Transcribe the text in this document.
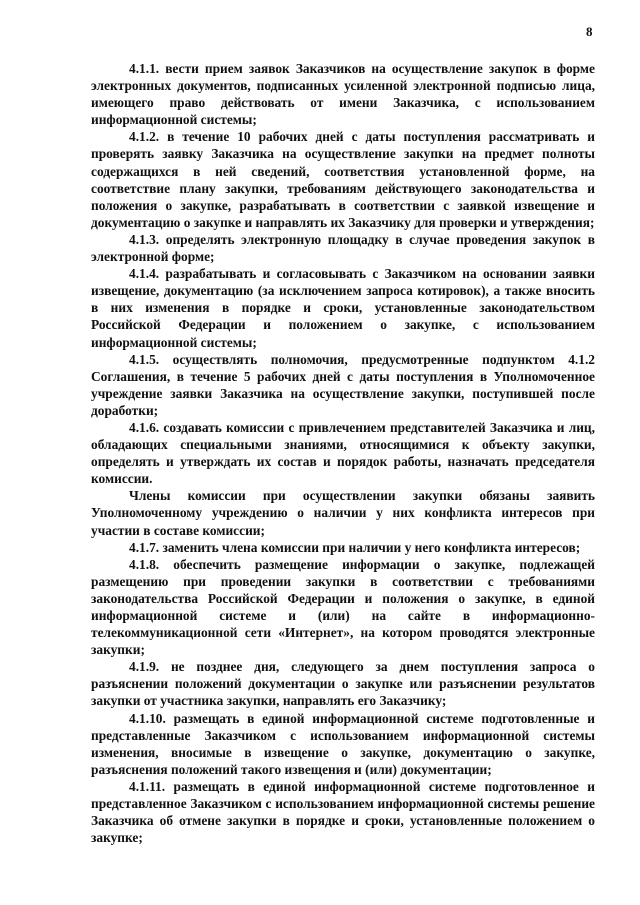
8

4.1.1. вести прием заявок Заказчиков на осуществление закупок в форме электронных документов, подписанных усиленной электронной подписью лица, имеющего право действовать от имени Заказчика, с использованием информационной системы;

4.1.2. в течение 10 рабочих дней с даты поступления рассматривать и проверять заявку Заказчика на осуществление закупки на предмет полноты содержащихся в ней сведений, соответствия установленной форме, на соответствие плану закупки, требованиям действующего законодательства и положения о закупке, разрабатывать в соответствии с заявкой извещение и документацию о закупке и направлять их Заказчику для проверки и утверждения;

4.1.3. определять электронную площадку в случае проведения закупок в электронной форме;

4.1.4. разрабатывать и согласовывать с Заказчиком на основании заявки извещение, документацию (за исключением запроса котировок), а также вносить в них изменения в порядке и сроки, установленные законодательством Российской Федерации и положением о закупке, с использованием информационной системы;

4.1.5. осуществлять полномочия, предусмотренные подпунктом 4.1.2 Соглашения, в течение 5 рабочих дней с даты поступления в Уполномоченное учреждение заявки Заказчика на осуществление закупки, поступившей после доработки;

4.1.6. создавать комиссии с привлечением представителей Заказчика и лиц, обладающих специальными знаниями, относящимися к объекту закупки, определять и утверждать их состав и порядок работы, назначать председателя комиссии.

Члены комиссии при осуществлении закупки обязаны заявить Уполномоченному учреждению о наличии у них конфликта интересов при участии в составе комиссии;

4.1.7. заменить члена комиссии при наличии у него конфликта интересов;

4.1.8. обеспечить размещение информации о закупке, подлежащей размещению при проведении закупки в соответствии с требованиями законодательства Российской Федерации и положения о закупке, в единой информационной системе и (или) на сайте в информационно-телекоммуникационной сети «Интернет», на котором проводятся электронные закупки;

4.1.9. не позднее дня, следующего за днем поступления запроса о разъяснении положений документации о закупке или разъяснении результатов закупки от участника закупки, направлять его Заказчику;

4.1.10. размещать в единой информационной системе подготовленные и представленные Заказчиком с использованием информационной системы изменения, вносимые в извещение о закупке, документацию о закупке, разъяснения положений такого извещения и (или) документации;

4.1.11. размещать в единой информационной системе подготовленное и представленное Заказчиком с использованием информационной системы решение Заказчика об отмене закупки в порядке и сроки, установленные положением о закупке;
